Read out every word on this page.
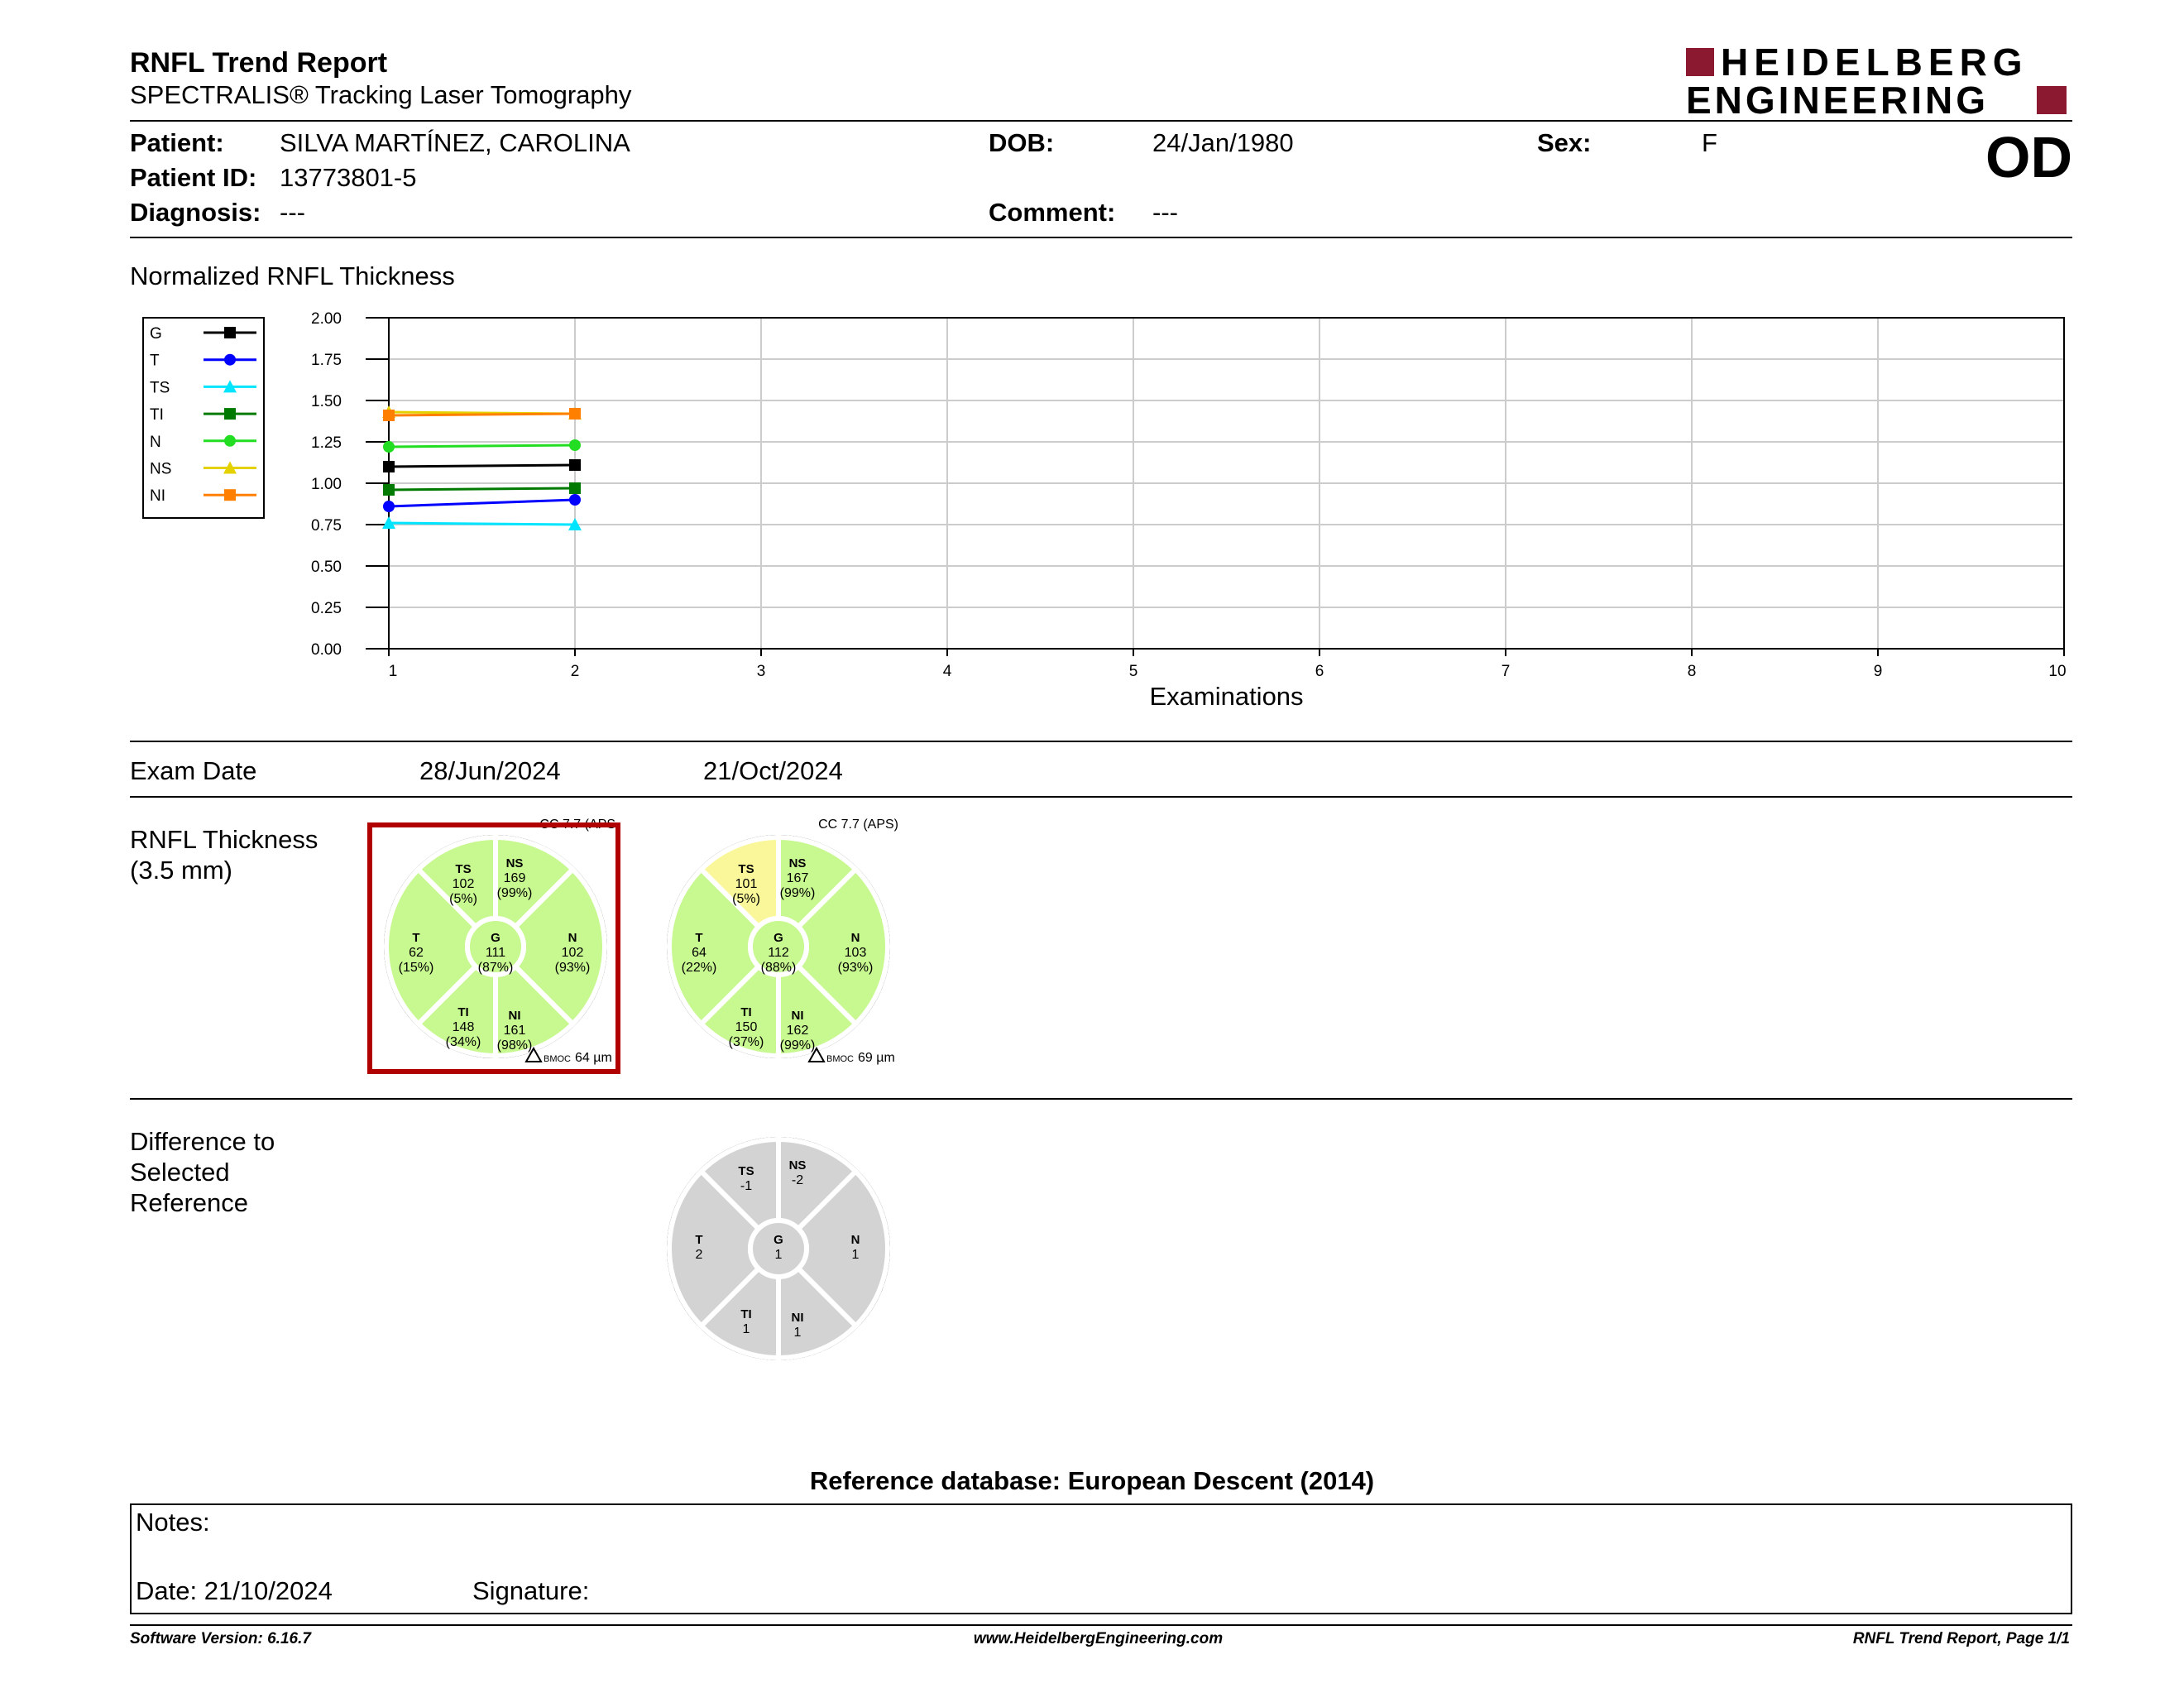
RNFL Trend Report
SPECTRALIS® Tracking Laser Tomography
HEIDELBERG
ENGINEERING
Patient: SILVA MARTÍNEZ, CAROLINA
Patient ID: 13773801-5
Diagnosis: ---
DOB:	24/Jan/1980
Comment: ---
Sex:	F	OD
Normalized RNFL Thickness
0.00
0.25
0.50
0.75
1.00
1.25
1.50
1.75
2.00
1	2	3	4	5	6	7	8	9	10
Examinations
G
T
TS
TI
N
NS
NI
Exam Date	28/Jun/2024	21/Oct/2024
RNFL Thickness
(3.5 mm)	TS
102
(5%)
NS
169
(99%)
T
62
(15%)
G
111
(87%)
N
102
(93%)
TI
148
(34%)
NI
161
(98%)
CC 7.7 (APS
BMOC 64 µm
TS
101
(5%)
NS
167
(99%)
T
64
(22%)
G
112
(88%)
N
103
(93%)
TI
150
(37%)
NI
162
(99%)
CC 7.7 (APS)
BMOC 69 µm
TS
-1
NS
-2
T
2
G
1
N
1
TI
1
NI
1
Difference to
Selected
Reference
Reference database: European Descent (2014)
Notes:
Date: 21/10/2024	Signature:
Software Version: 6.16.7	www.HeidelbergEngineering.com	RNFL Trend Report, Page 1/1
